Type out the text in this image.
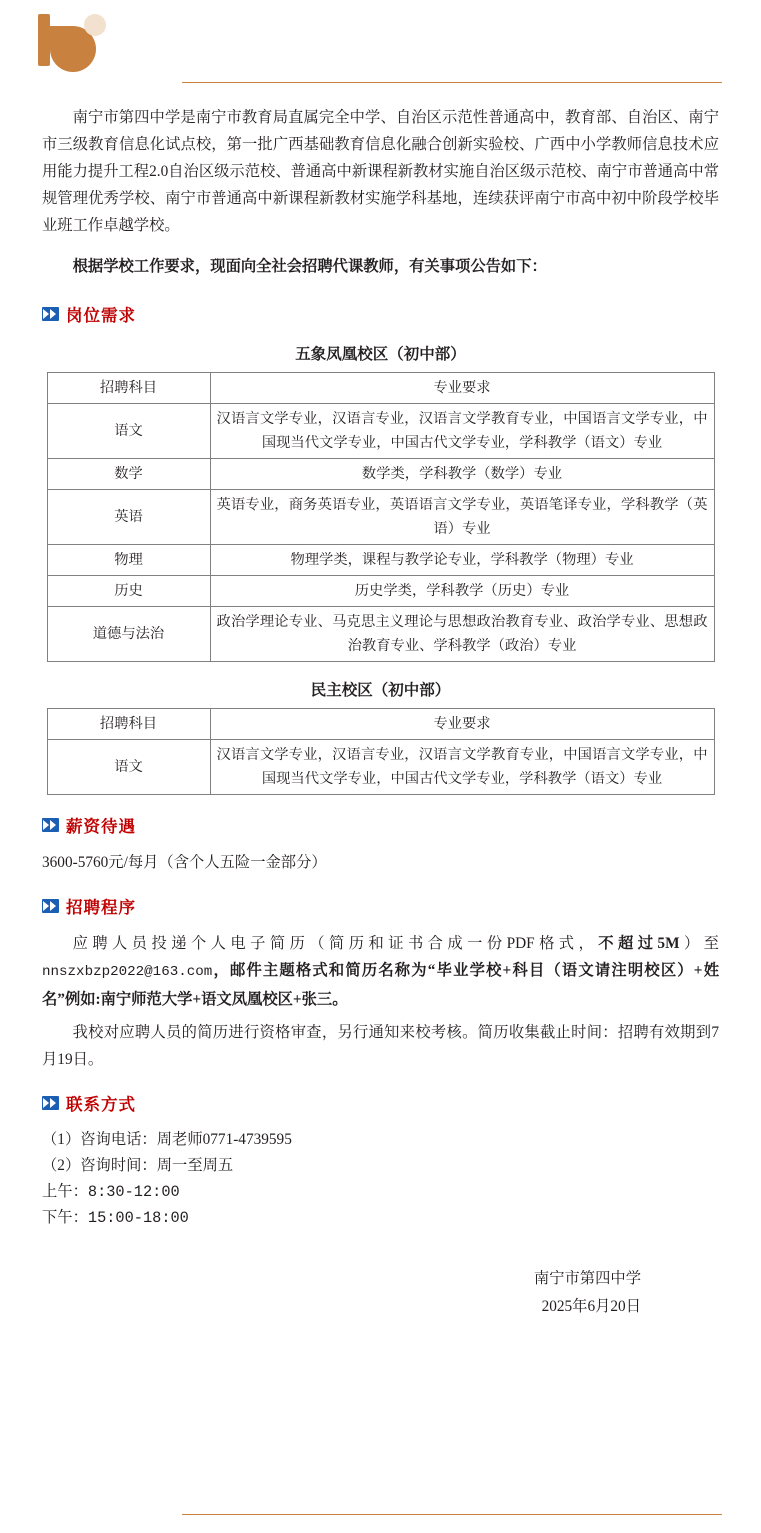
南宁市第四中学是南宁市教育局直属完全中学、自治区示范性普通高中，教育部、自治区、南宁市三级教育信息化试点校，第一批广西基础教育信息化融合创新实验校、广西中小学教师信息技术应用能力提升工程2.0自治区级示范校、普通高中新课程新教材实施自治区级示范校、南宁市普通高中常规管理优秀学校、南宁市普通高中新课程新教材实施学科基地，连续获评南宁市高中初中阶段学校毕业班工作卓越学校。

根据学校工作要求，现面向全社会招聘代课教师，有关事项公告如下：

岗位需求
五象凤凰校区（初中部）
招聘科目	专业要求
语文	汉语言文学专业，汉语言专业，汉语言文学教育专业，中国语言文学专业，中国现当代文学专业，中国古代文学专业，学科教学（语文）专业
数学	数学类，学科教学（数学）专业
英语	英语专业，商务英语专业，英语语言文学专业，英语笔译专业，学科教学（英语）专业
物理	物理学类，课程与教学论专业，学科教学（物理）专业
历史	历史学类，学科教学（历史）专业
道德与法治	政治学理论专业、马克思主义理论与思想政治教育专业、政治学专业、思想政治教育专业、学科教学（政治）专业
民主校区（初中部）
招聘科目	专业要求
语文	汉语言文学专业，汉语言专业，汉语言文学教育专业，中国语言文学专业，中国现当代文学专业，中国古代文学专业，学科教学（语文）专业
薪资待遇

3600-5760元/每月（含个人五险一金部分）

招聘程序

应聘人员投递个人电子简历（简历和证书合成一份PDF格式，不超过5M）至nnszxbzp2022@163.com，邮件主题格式和简历名称为“毕业学校+科目（语文请注明校区）+姓名”例如:南宁师范大学+语文凤凰校区+张三。

我校对应聘人员的简历进行资格审查，另行通知来校考核。简历收集截止时间：招聘有效期到7月19日。

联系方式

（1）咨询电话：周老师0771-4739595

（2）咨询时间：周一至周五

上午：8:30-12:00

下午：15:00-18:00

南宁市第四中学
2025年6月20日
